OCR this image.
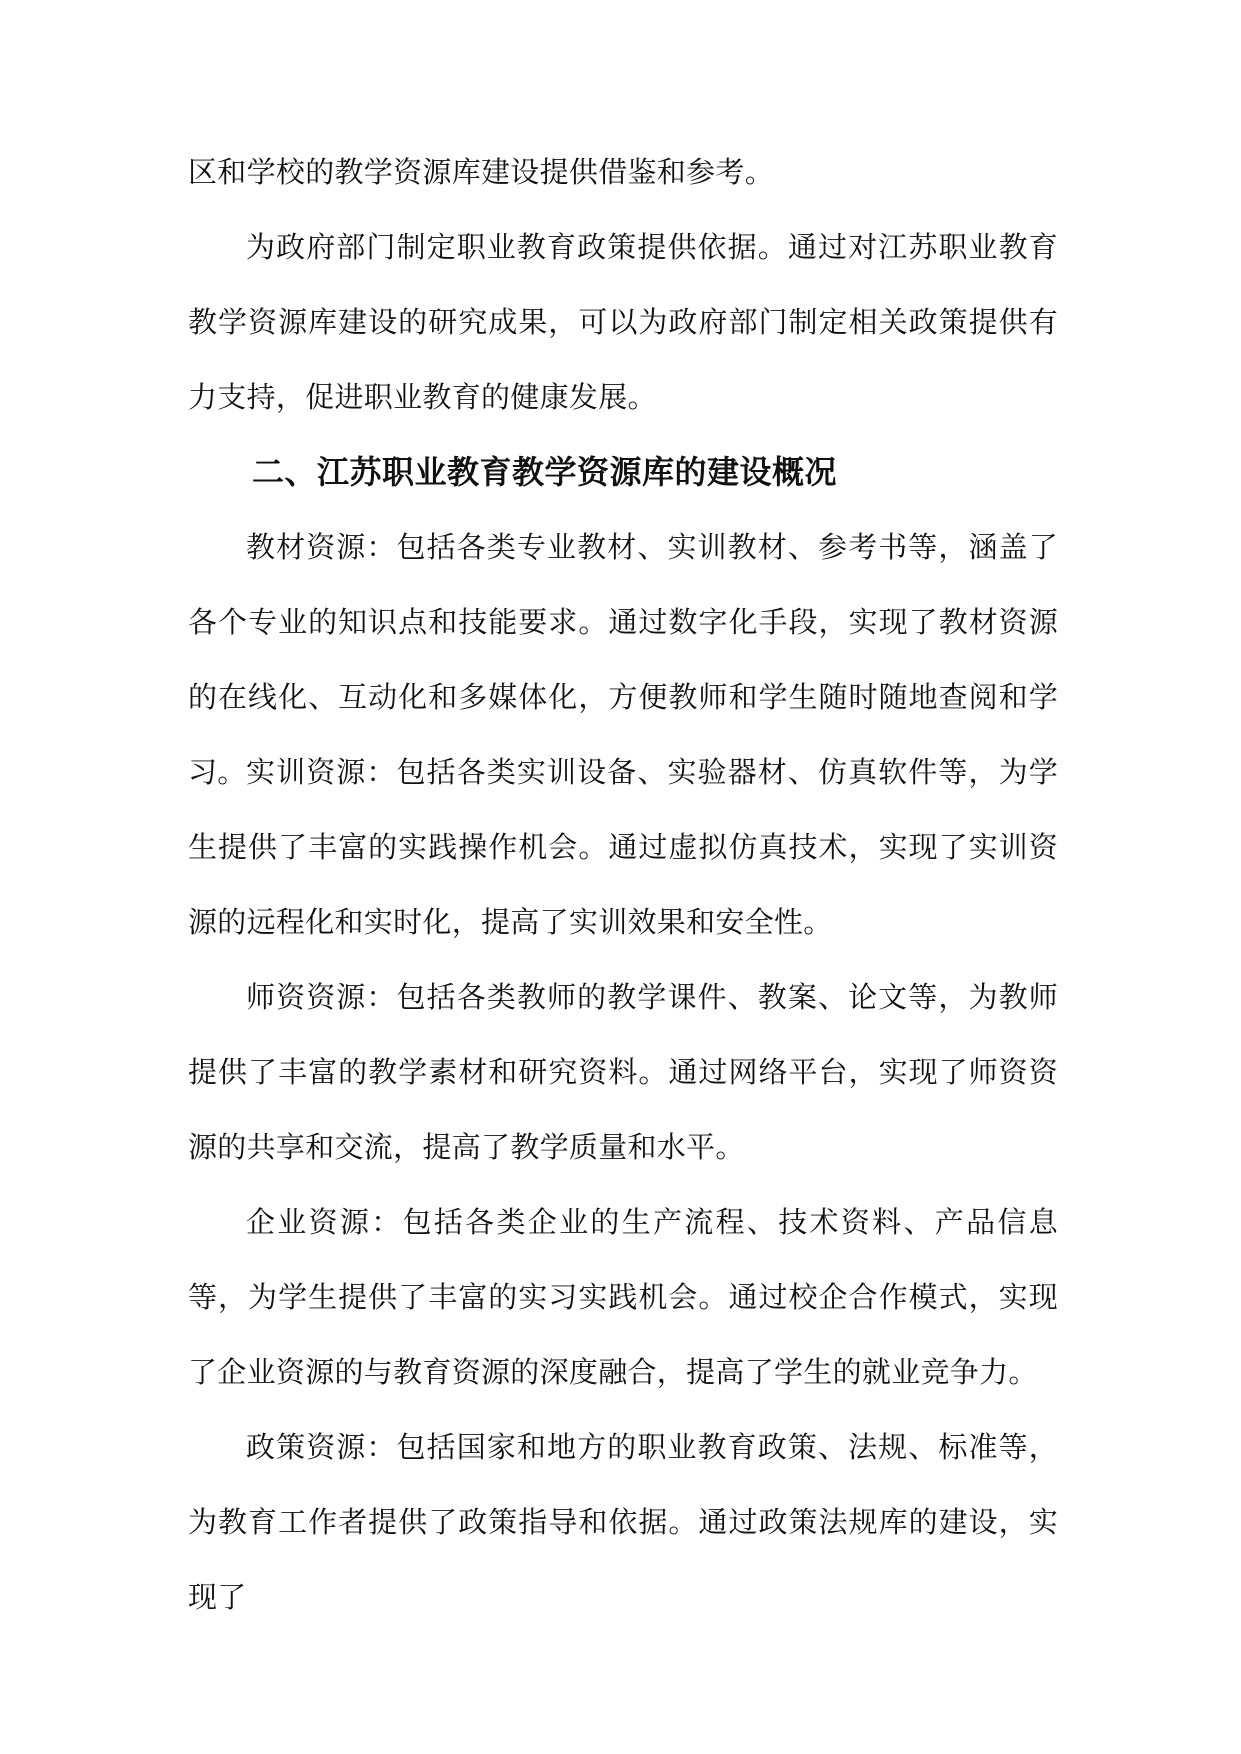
区和学校的教学资源库建设提供借鉴和参考。

为政府部门制定职业教育政策提供依据。通过对江苏职业教育教学资源库建设的研究成果，可以为政府部门制定相关政策提供有力支持，促进职业教育的健康发展。

二、江苏职业教育教学资源库的建设概况

教材资源：包括各类专业教材、实训教材、参考书等，涵盖了各个专业的知识点和技能要求。通过数字化手段，实现了教材资源的在线化、互动化和多媒体化，方便教师和学生随时随地查阅和学习。 实训资源：包括各类实训设备、实验器材、仿真软件等，为学生提供了丰富的实践操作机会。通过虚拟仿真技术，实现了实训资源的远程化和实时化，提高了实训效果和安全性。

师资资源：包括各类教师的教学课件、教案、论文等，为教师提供了丰富的教学素材和研究资料。通过网络平台，实现了师资资源的共享和交流，提高了教学质量和水平。

企业资源：包括各类企业的生产流程、技术资料、产品信息等，为学生提供了丰富的实习实践机会。通过校企合作模式，实现了企业资源的与教育资源的深度融合，提高了学生的就业竞争力。

政策资源：包括国家和地方的职业教育政策、法规、标准等，为教育工作者提供了政策指导和依据。通过政策法规库的建设，实现了
